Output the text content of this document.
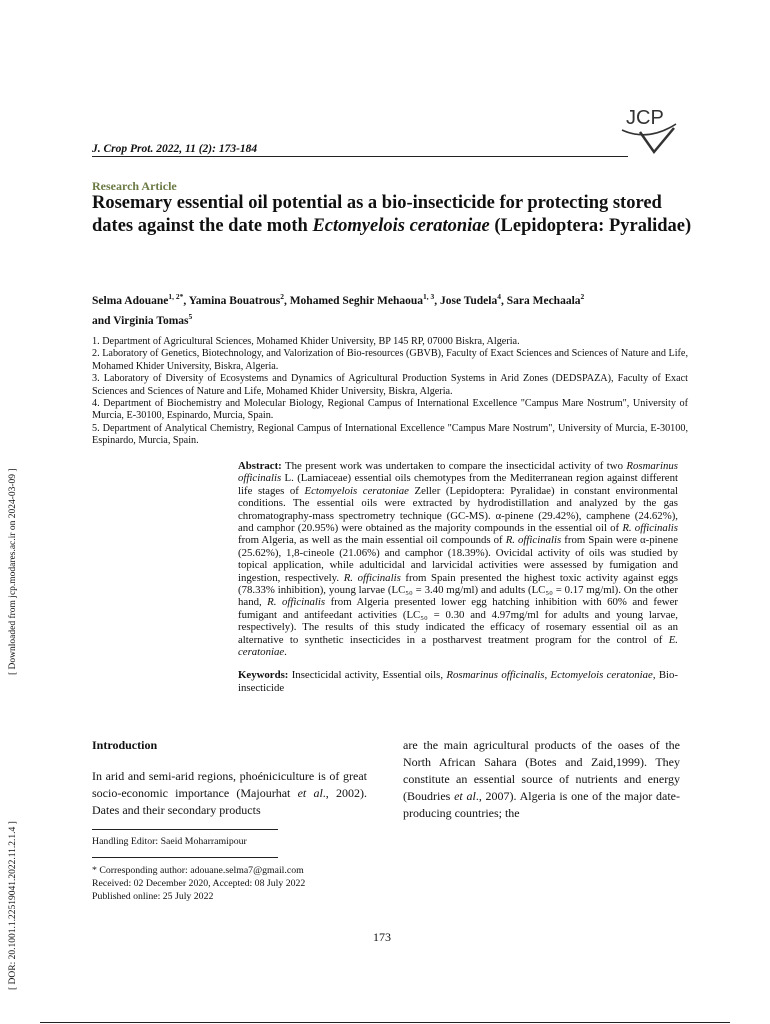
JCP
J. Crop Prot. 2022, 11 (2): 173-184
Research Article
Rosemary essential oil potential as a bio-insecticide for protecting stored dates against the date moth Ectomyelois ceratoniae (Lepidoptera: Pyralidae)
Selma Adouane$^{1, 2*}$, Yamina Bouatrous$^2$, Mohamed Seghir Mehaoua$^{1, 3}$, Jose Tudela$^4$, Sara Mechaala$^2$
and Virginia Tomas$^5$

1. Department of Agricultural Sciences, Mohamed Khider University, BP 145 RP, 07000 Biskra, Algeria.

2. Laboratory of Genetics, Biotechnology, and Valorization of Bio-resources (GBVB), Faculty of Exact Sciences and Sciences of Nature and Life, Mohamed Khider University, Biskra, Algeria.

3. Laboratory of Diversity of Ecosystems and Dynamics of Agricultural Production Systems in Arid Zones (DEDSPAZA), Faculty of Exact Sciences and Sciences of Nature and Life, Mohamed Khider University, Biskra, Algeria.

4. Department of Biochemistry and Molecular Biology, Regional Campus of International Excellence "Campus Mare Nostrum", University of Murcia, E-30100, Espinardo, Murcia, Spain.

5. Department of Analytical Chemistry, Regional Campus of International Excellence "Campus Mare Nostrum", University of Murcia, E-30100, Espinardo, Murcia, Spain.

[ Downloaded from jcp.modares.ac.ir on 2024-03-09 ]
[ DOR: 20.1001.1.22519041.2022.11.2.1.4 ]
Abstract: The present work was undertaken to compare the insecticidal activity of two Rosmarinus officinalis L. (Lamiaceae) essential oils chemotypes from the Mediterranean region against different life stages of Ectomyelois ceratoniae Zeller (Lepidoptera: Pyralidae) in constant environmental conditions. The essential oils were extracted by hydrodistillation and analyzed by the gas chromatography-mass spectrometry technique (GC-MS). α-pinene (29.42%), camphene (24.62%), and camphor (20.95%) were obtained as the majority compounds in the essential oil of R. officinalis from Algeria, as well as the main essential oil compounds of R. officinalis from Spain were α-pinene (25.62%), 1,8-cineole (21.06%) and camphor (18.39%). Ovicidal activity of oils was studied by topical application, while adulticidal and larvicidal activities were assessed by fumigation and ingestion, respectively. R. officinalis from Spain presented the highest toxic activity against eggs (78.33% inhibition), young larvae (LC₅₀ = 3.40 mg/ml) and adults (LC₅₀ = 0.17 mg/ml). On the other hand, R. officinalis from Algeria presented lower egg hatching inhibition with 60% and fewer fumigant and antifeedant activities (LC₅₀ = 0.30 and 4.97mg/ml for adults and young larvae, respectively). The results of this study indicated the efficacy of rosemary essential oil as an alternative to synthetic insecticides in a postharvest treatment program for the control of E. ceratoniae.
Keywords: Insecticidal activity, Essential oils, Rosmarinus officinalis, Ectomyelois ceratoniae, Bio-insecticide
Introduction
In arid and semi-arid regions, phoéniciculture is of great socio-economic importance (Majourhat et al., 2002). Dates and their secondary products
are the main agricultural products of the oases of the North African Sahara (Botes and Zaid,1999). They constitute an essential source of nutrients and energy (Boudries et al., 2007). Algeria is one of the major date-producing countries; the
Handling Editor: Saeid Moharramipour
* Corresponding author: adouane.selma7@gmail.com
Received: 02 December 2020, Accepted: 08 July 2022
Published online: 25 July 2022
173
